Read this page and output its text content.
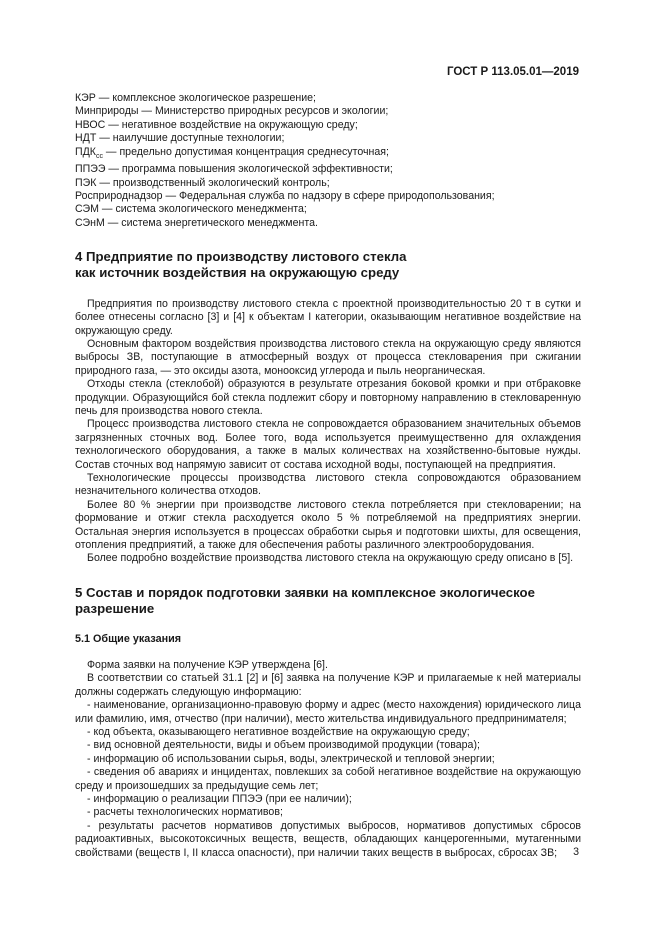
ГОСТ Р 113.05.01—2019

КЭР — комплексное экологическое разрешение;

Минприроды — Министерство природных ресурсов и экологии;

НВОС — негативное воздействие на окружающую среду;

НДТ — наилучшие доступные технологии;

$ПДК_{сс}$ — предельно допустимая концентрация среднесуточная;

ППЭЭ — программа повышения экологической эффективности;

ПЭК — производственный экологический контроль;

Росприроднадзор — Федеральная служба по надзору в сфере природопользования;

СЭМ — система экологического менеджмента;

СЭнМ — система энергетического менеджмента.

4 Предприятие по производству листового стекла
как источник воздействия на окружающую среду

Предприятия по производству листового стекла с проектной производительностью 20 т в сутки и более отнесены согласно [3] и [4] к объектам I категории, оказывающим негативное воздействие на окружающую среду.

Основным фактором воздействия производства листового стекла на окружающую среду являются выбросы ЗВ, поступающие в атмосферный воздух от процесса стекловарения при сжигании природного газа, — это оксиды азота, монооксид углерода и пыль неорганическая.

Отходы стекла (стеклобой) образуются в результате отрезания боковой кромки и при отбраковке продукции. Образующийся бой стекла подлежит сбору и повторному направлению в стекловаренную печь для производства нового стекла.

Процесс производства листового стекла не сопровождается образованием значительных объемов загрязненных сточных вод. Более того, вода используется преимущественно для охлаждения технологического оборудования, а также в малых количествах на хозяйственно-бытовые нужды. Состав сточных вод напрямую зависит от состава исходной воды, поступающей на предприятия.

Технологические процессы производства листового стекла сопровождаются образованием незначительного количества отходов.

Более 80 % энергии при производстве листового стекла потребляется при стекловарении; на формование и отжиг стекла расходуется около 5 % потребляемой на предприятиях энергии. Остальная энергия используется в процессах обработки сырья и подготовки шихты, для освещения, отопления предприятий, а также для обеспечения работы различного электрооборудования.

Более подробно воздействие производства листового стекла на окружающую среду описано в [5].

5 Состав и порядок подготовки заявки на комплексное экологическое
разрешение
5.1 Общие указания

Форма заявки на получение КЭР утверждена [6].

В соответствии со статьей 31.1 [2] и [6] заявка на получение КЭР и прилагаемые к ней материалы должны содержать следующую информацию:

- наименование, организационно-правовую форму и адрес (место нахождения) юридического лица или фамилию, имя, отчество (при наличии), место жительства индивидуального предпринимателя;

- код объекта, оказывающего негативное воздействие на окружающую среду;

- вид основной деятельности, виды и объем производимой продукции (товара);

- информацию об использовании сырья, воды, электрической и тепловой энергии;

- сведения об авариях и инцидентах, повлекших за собой негативное воздействие на окружающую среду и произошедших за предыдущие семь лет;

- информацию о реализации ППЭЭ (при ее наличии);

- расчеты технологических нормативов;

- результаты расчетов нормативов допустимых выбросов, нормативов допустимых сбросов радиоактивных, высокотоксичных веществ, веществ, обладающих канцерогенными, мутагенными свойствами (веществ I, II класса опасности), при наличии таких веществ в выбросах, сбросах ЗВ;	3
